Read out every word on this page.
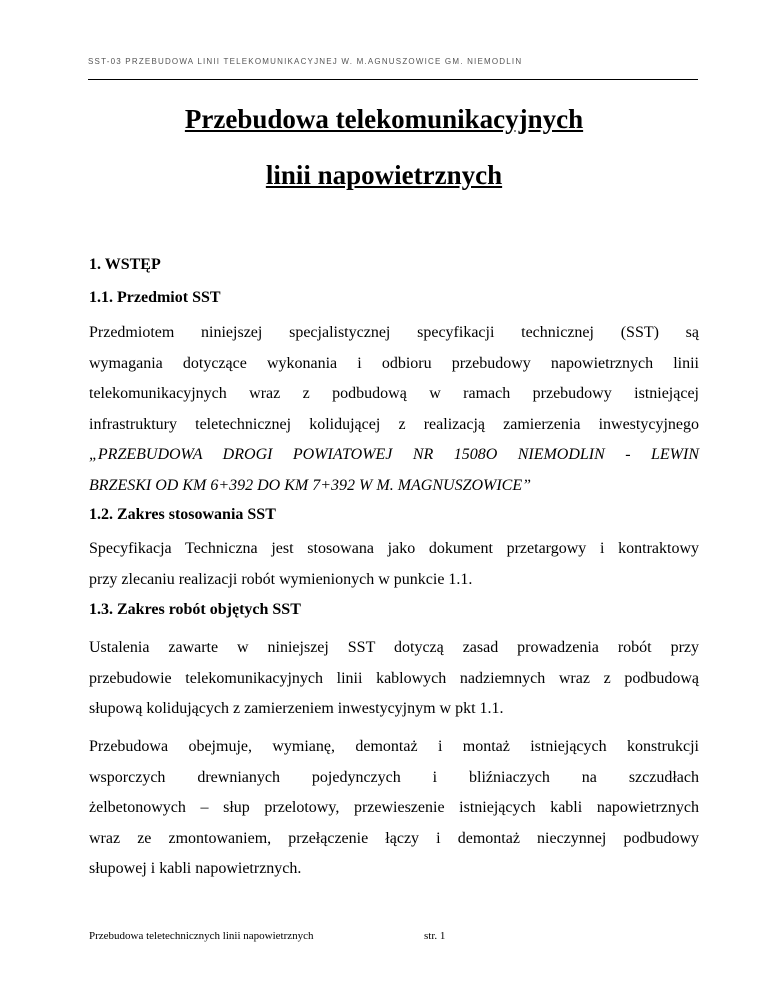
SST-03 PRZEBUDOWA LINII TELEKOMUNIKACYJNEJ W. M.AGNUSZOWICE GM. NIEMODLIN
Przebudowa telekomunikacyjnych
linii napowietrznych
1. WSTĘP
1.1. Przedmiot SST
Przedmiotem niniejszej specjalistycznej specyfikacji technicznej (SST) są
wymagania dotyczące wykonania i odbioru przebudowy napowietrznych linii
telekomunikacyjnych wraz z podbudową w ramach przebudowy istniejącej
infrastruktury teletechnicznej kolidującej z realizacją zamierzenia inwestycyjnego
„PRZEBUDOWA DROGI POWIATOWEJ NR 1508O NIEMODLIN - LEWIN
BRZESKI OD KM 6+392 DO KM 7+392 W M. MAGNUSZOWICE”
1.2. Zakres stosowania SST
Specyfikacja Techniczna jest stosowana jako dokument przetargowy i kontraktowy
przy zlecaniu realizacji robót wymienionych w punkcie 1.1.
1.3. Zakres robót objętych SST
Ustalenia zawarte w niniejszej SST dotyczą zasad prowadzenia robót przy
przebudowie telekomunikacyjnych linii kablowych nadziemnych wraz z podbudową
słupową kolidujących z zamierzeniem inwestycyjnym w pkt 1.1.
Przebudowa obejmuje, wymianę, demontaż i montaż istniejących konstrukcji
wsporczych drewnianych pojedynczych i bliźniaczych na szczudłach
żelbetonowych – słup przelotowy, przewieszenie istniejących kabli napowietrznych
wraz ze zmontowaniem, przełączenie łączy i demontaż nieczynnej podbudowy
słupowej i kabli napowietrznych.
Przebudowa teletechnicznych linii napowietrznych	str. 1
